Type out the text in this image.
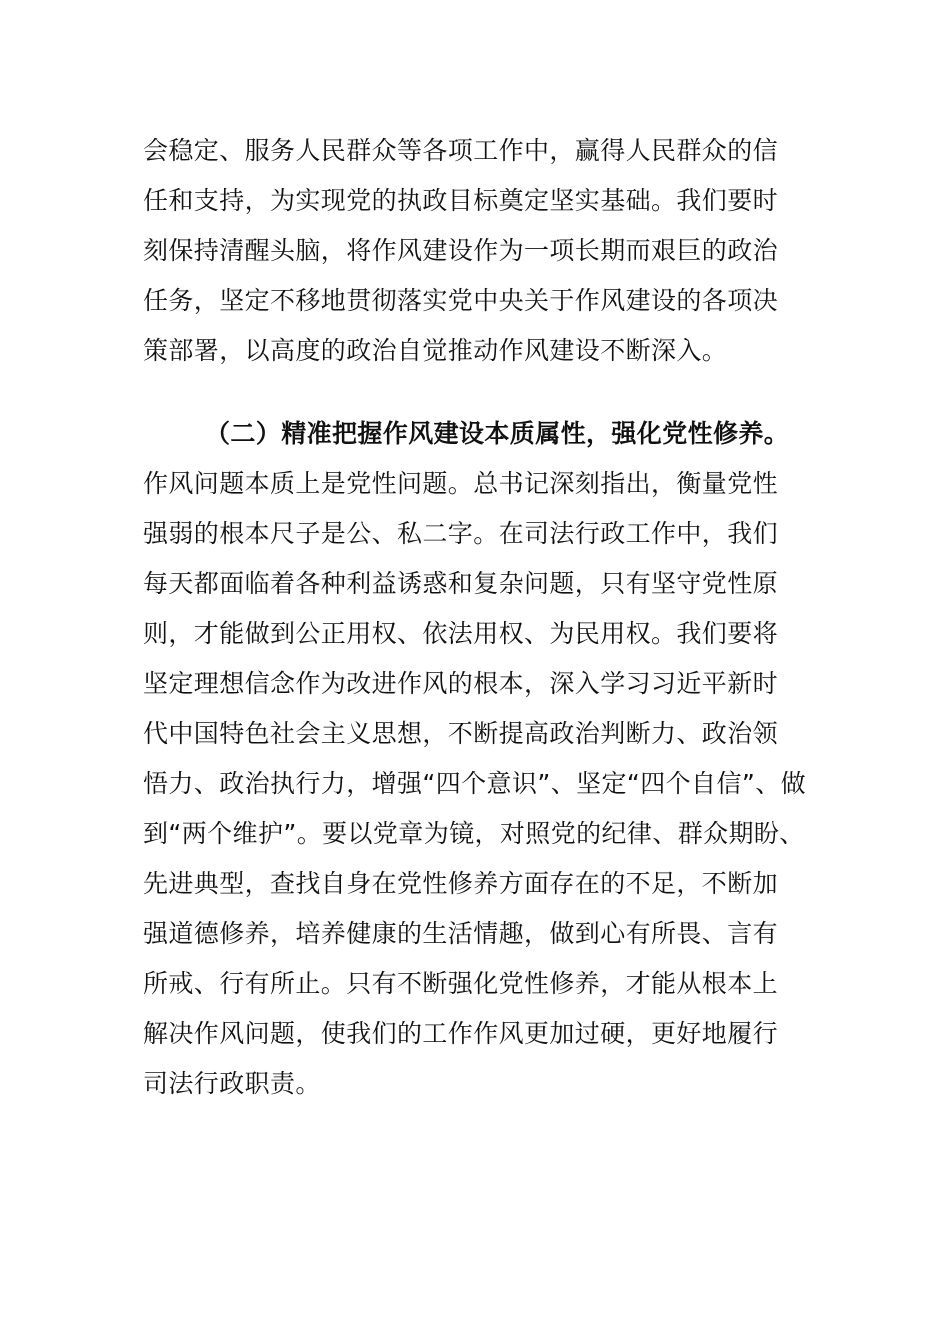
会稳定、服务人民群众等各项工作中，赢得人民群众的信
任和支持，为实现党的执政目标奠定坚实基础。我们要时
刻保持清醒头脑，将作风建设作为一项长期而艰巨的政治
任务，坚定不移地贯彻落实党中央关于作风建设的各项决
策部署，以高度的政治自觉推动作风建设不断深入。
（二）精准把握作风建设本质属性，强化党性修养。
作风问题本质上是党性问题。总书记深刻指出，衡量党性
强弱的根本尺子是公、私二字。在司法行政工作中，我们
每天都面临着各种利益诱惑和复杂问题，只有坚守党性原
则，才能做到公正用权、依法用权、为民用权。我们要将
坚定理想信念作为改进作风的根本，深入学习习近平新时
代中国特色社会主义思想，不断提高政治判断力、政治领
悟力、政治执行力，增强“四个意识”、坚定“四个自信”、做
到“两个维护”。要以党章为镜，对照党的纪律、群众期盼、
先进典型，查找自身在党性修养方面存在的不足，不断加
强道德修养，培养健康的生活情趣，做到心有所畏、言有
所戒、行有所止。只有不断强化党性修养，才能从根本上
解决作风问题，使我们的工作作风更加过硬，更好地履行
司法行政职责。
